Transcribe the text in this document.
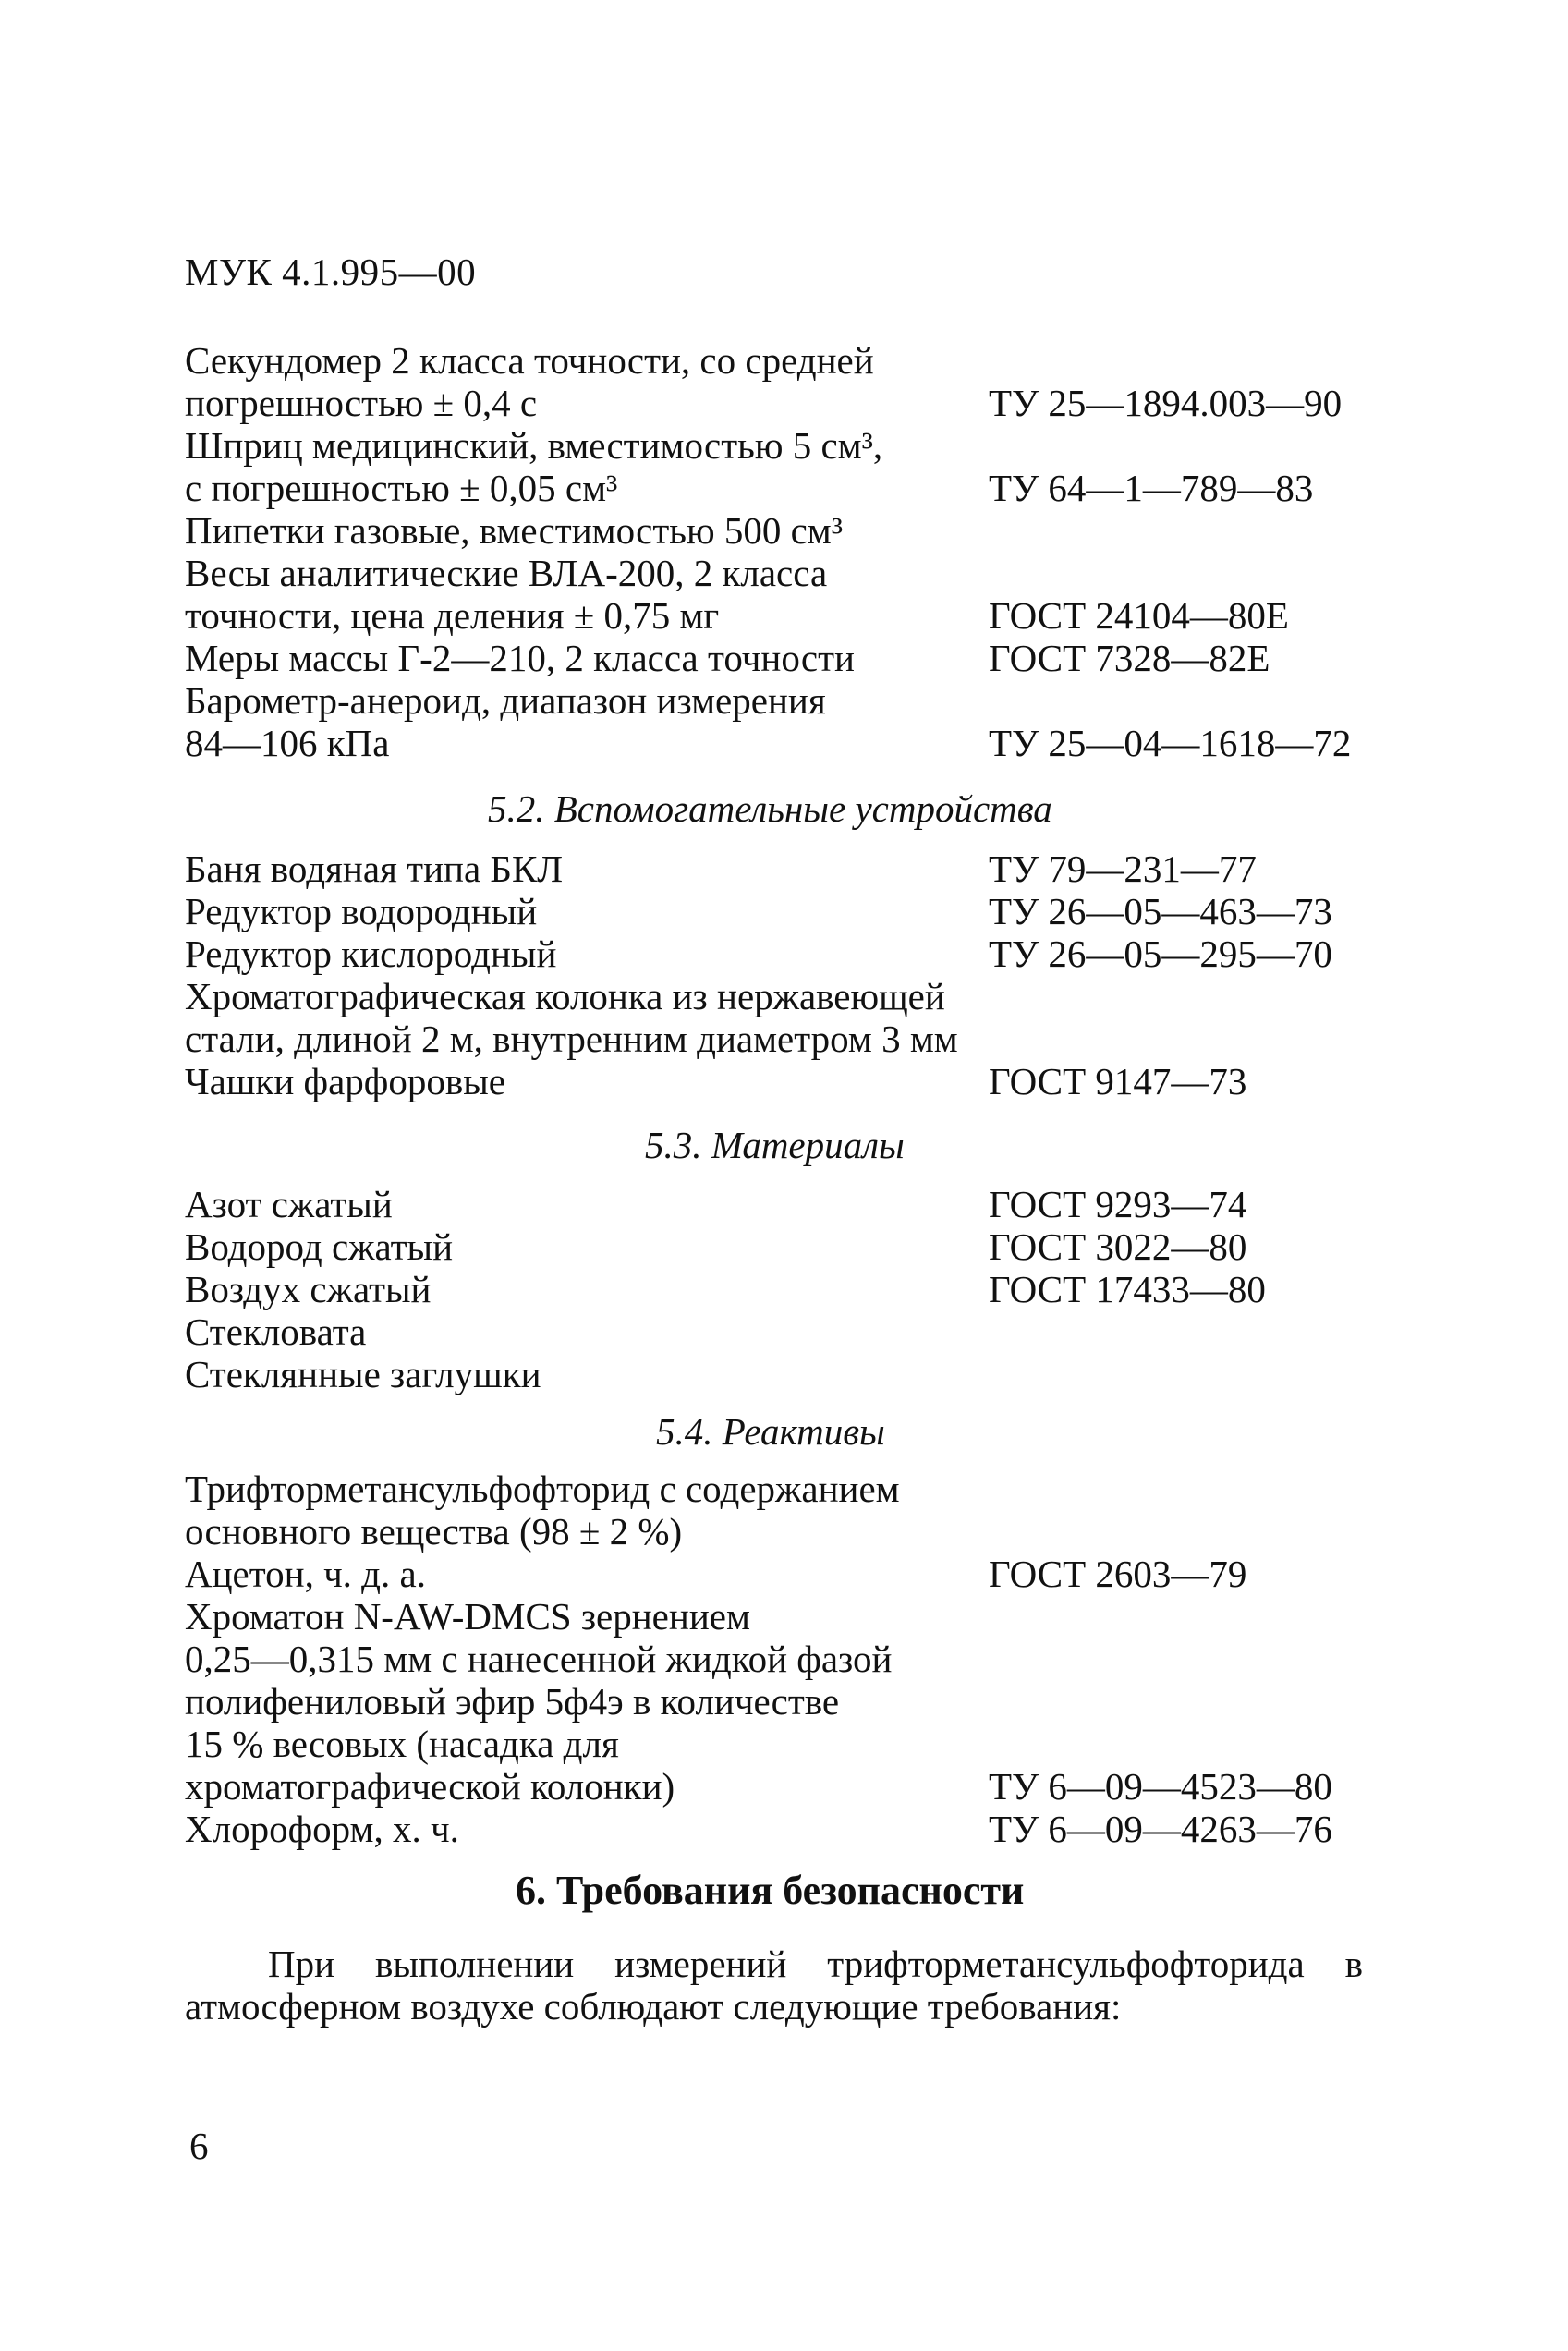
МУК 4.1.995—00
Секундомер 2 класса точности, со средней
погрешностью ± 0,4 с	ТУ 25—1894.003—90
Шприц медицинский, вместимостью 5 см³,
с погрешностью ± 0,05 см³	ТУ 64—1—789—83
Пипетки газовые, вместимостью 500 см³
Весы аналитические ВЛА-200, 2 класса
точности, цена деления ± 0,75 мг	ГОСТ 24104—80Е
Меры массы Г-2—210, 2 класса точности	ГОСТ 7328—82Е
Барометр-анероид, диапазон измерения
84—106 кПа	ТУ 25—04—1618—72
5.2. Вспомогательные устройства
Баня водяная типа БКЛ	ТУ 79—231—77
Редуктор водородный	ТУ 26—05—463—73
Редуктор кислородный	ТУ 26—05—295—70
Хроматографическая колонка из нержавеющей
стали, длиной 2 м, внутренним диаметром 3 мм
Чашки фарфоровые	ГОСТ 9147—73
5.3. Материалы
Азот сжатый	ГОСТ 9293—74
Водород сжатый	ГОСТ 3022—80
Воздух сжатый	ГОСТ 17433—80
Стекловата
Стеклянные заглушки
5.4. Реактивы
Трифторметансульфофторид с содержанием
основного вещества (98 ± 2 %)
Ацетон, ч. д. а.	ГОСТ 2603—79
Хроматон N-AW-DMCS зернением
0,25—0,315 мм с нанесенной жидкой фазой
полифениловый эфир 5ф4э в количестве
15 % весовых (насадка для
хроматографической колонки)	ТУ 6—09—4523—80
Хлороформ, х. ч.	ТУ 6—09—4263—76
6. Требования безопасности
При выполнении измерений трифторметансульфофторида в
атмосферном воздухе соблюдают следующие требования:
6
